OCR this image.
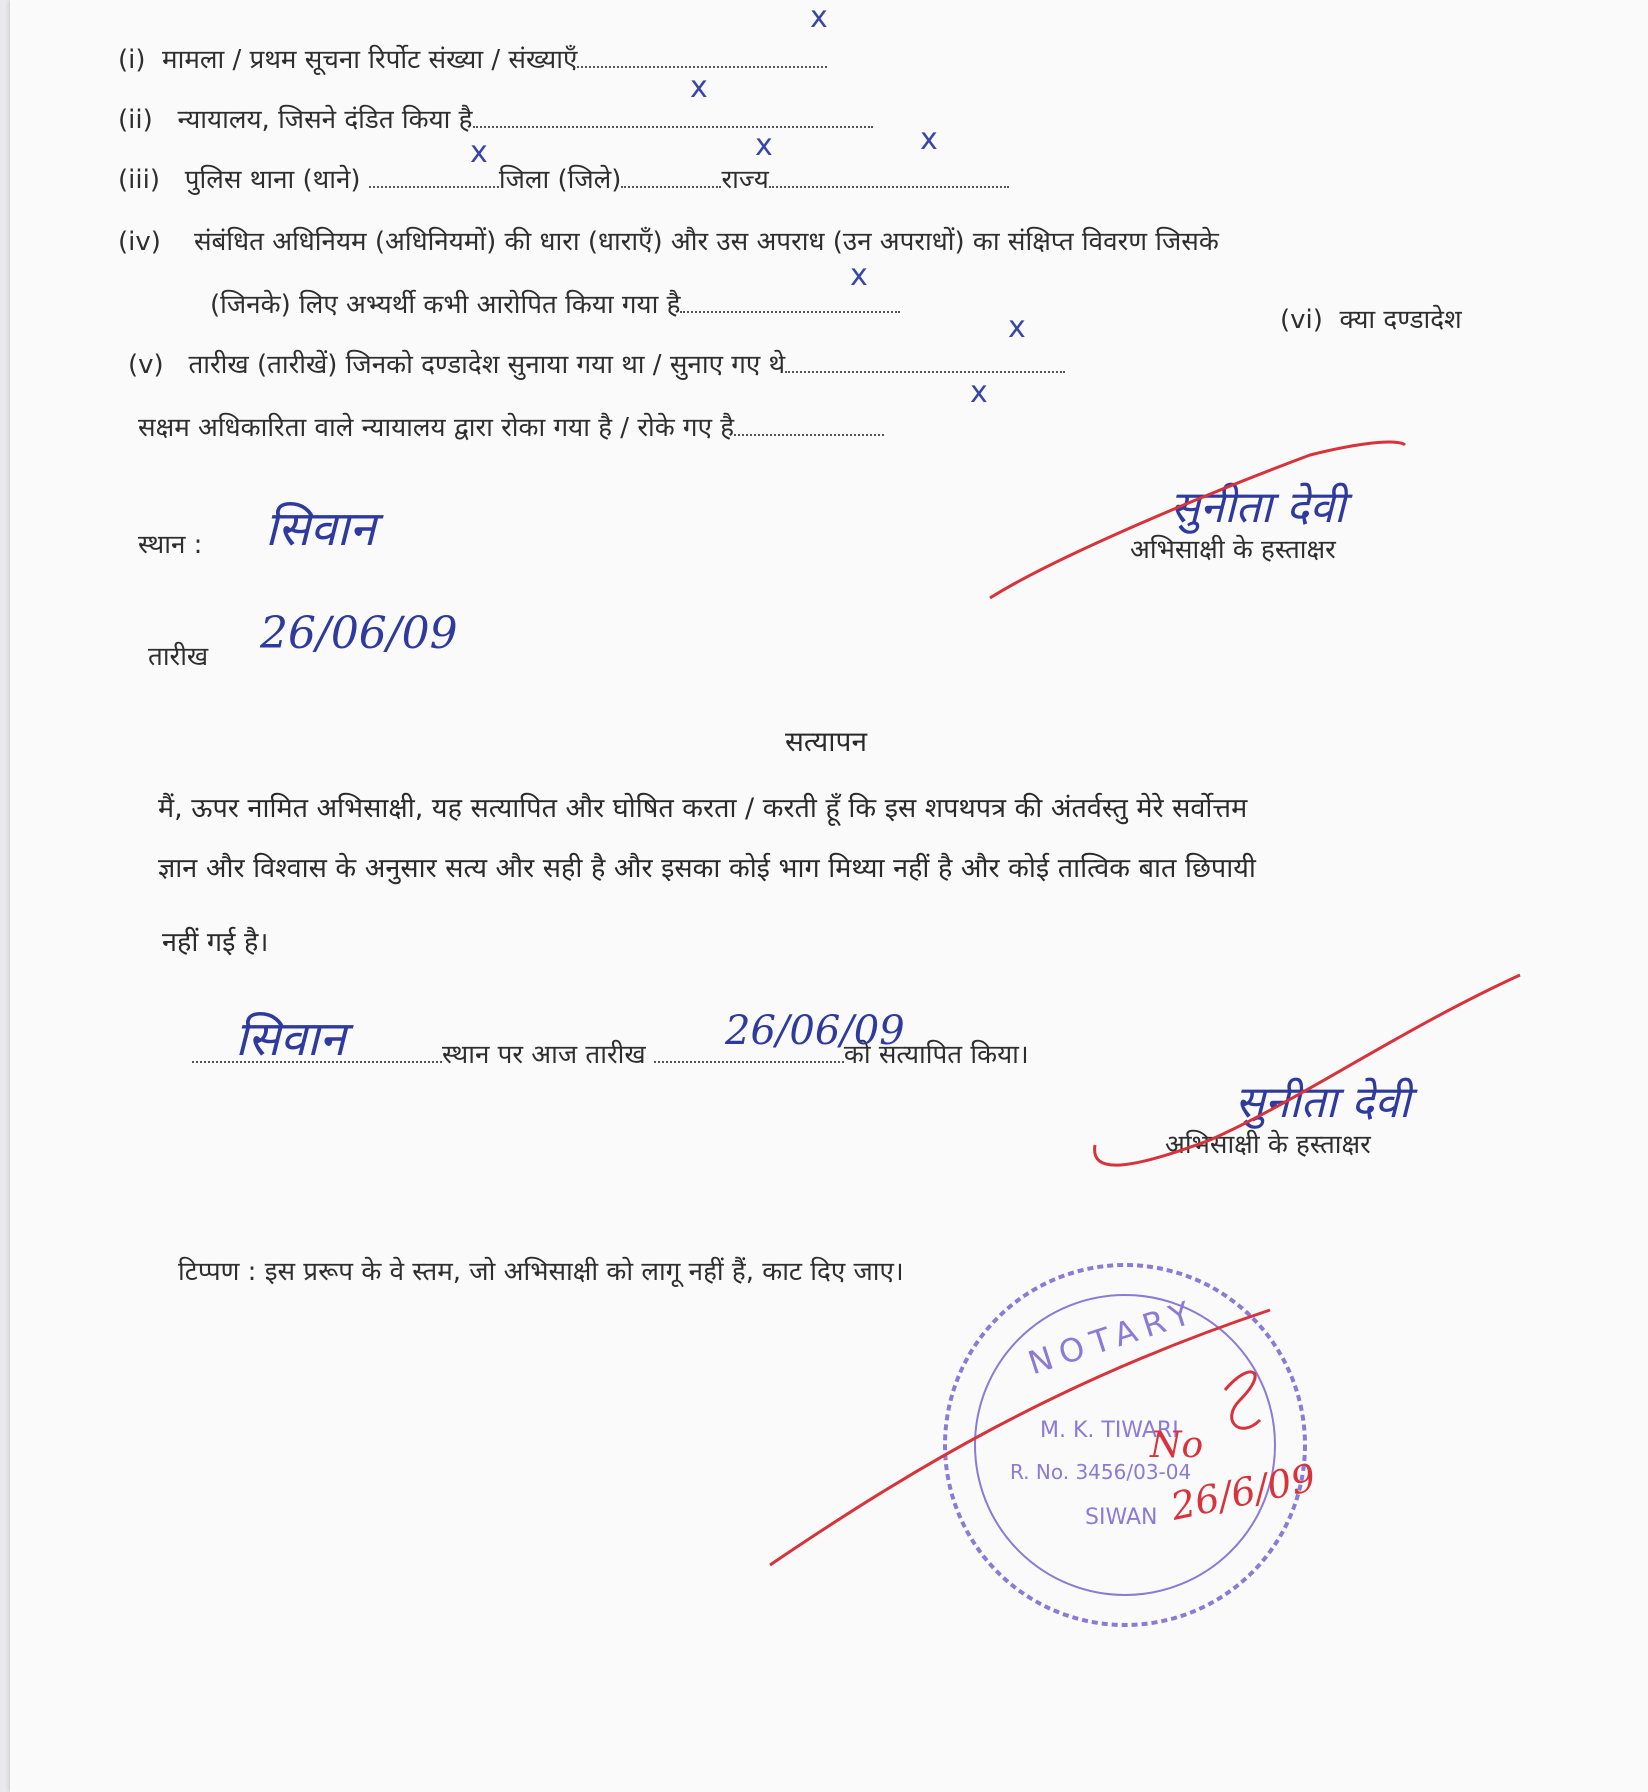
(i) मामला / प्रथम सूचना रिर्पोट संख्या / संख्याएँ
x
(ii) न्यायालय, जिसने दंडित किया है
x
(iii) पुलिस थाना (थाने)	जिला (जिले)	राज्य
x	x	x
(iv) संबंधित अधिनियम (अधिनियमों) की धारा (धाराएँ) और उस अपराध (उन अपराधों) का संक्षिप्त विवरण जिसके
(जिनके) लिए अभ्यर्थी कभी आरोपित किया गया है
x
(v) तारीख (तारीखें) जिनको दण्डादेश सुनाया गया था / सुनाए गए थे
x	(vi) क्या दण्डादेश
सक्षम अधिकारिता वाले न्यायालय द्वारा रोका गया है / रोके गए है
x
स्थान : सिवान	सुनीता देवी
अभिसाक्षी के हस्ताक्षर
तारीख 26/06/09
सत्यापन
मैं, ऊपर नामित अभिसाक्षी, यह सत्यापित और घोषित करता / करती हूँ कि इस शपथपत्र की अंतर्वस्तु मेरे सर्वोत्तम
ज्ञान और विश्वास के अनुसार सत्य और सही है और इसका कोई भाग मिथ्या नहीं है और कोई तात्विक बात छिपायी
नहीं गई है।
स्थान पर आज तारीख	को सत्यापित किया।
सिवान	26/06/09
सुनीता देवी
अभिसाक्षी के हस्ताक्षर
टिप्पण : इस प्ररूप के वे स्तम, जो अभिसाक्षी को लागू नहीं हैं, काट दिए जाए।
NOTARY
M. K. TIWARI
R. No. 3456/03-04
SIWAN
No
26/6/09
